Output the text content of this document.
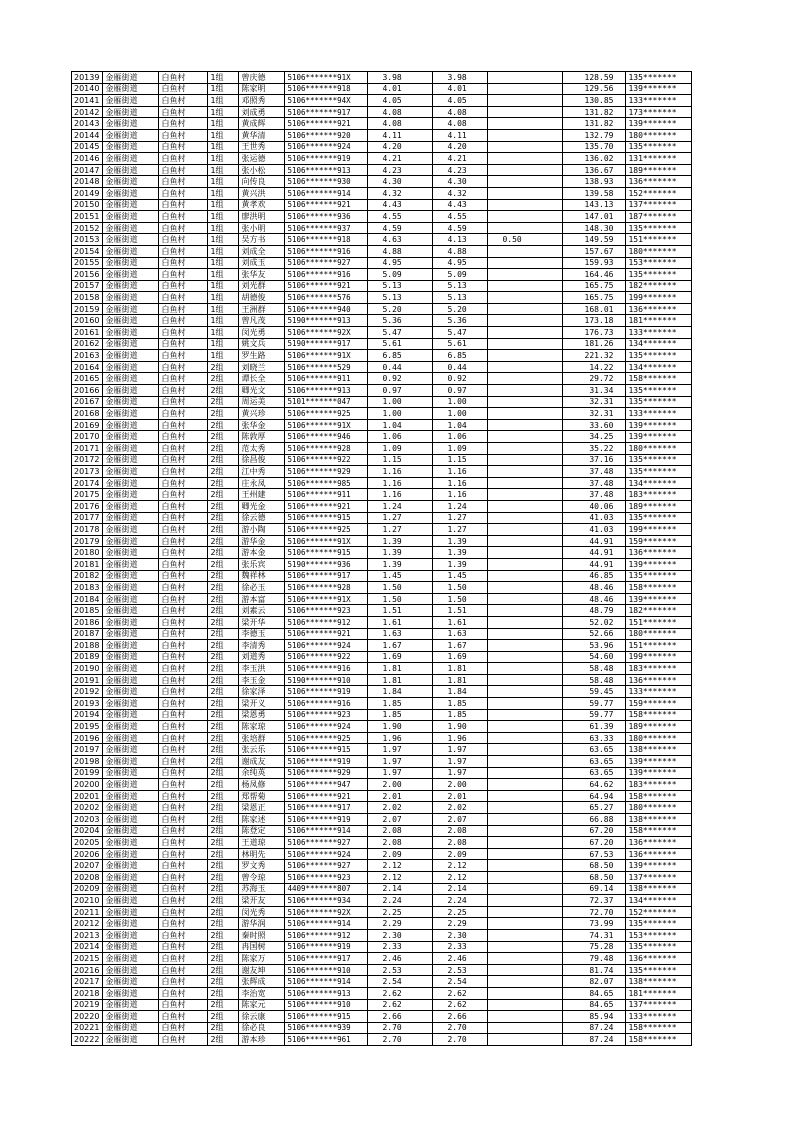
20139	金雁街道	白鱼村	1组	曾庆德	5106*******91X	3.98	3.98		128.59	135*******
20140	金雁街道	白鱼村	1组	陈家明	5106*******918	4.01	4.01		129.56	139*******
20141	金雁街道	白鱼村	1组	邓照秀	5106*******94X	4.05	4.05		130.85	133*******
20142	金雁街道	白鱼村	1组	刘成勇	5106*******917	4.08	4.08		131.82	173*******
20143	金雁街道	白鱼村	1组	黄成辉	5106*******921	4.08	4.08		131.82	139*******
20144	金雁街道	白鱼村	1组	黄华清	5106*******920	4.11	4.11		132.79	180*******
20145	金雁街道	白鱼村	1组	王世秀	5106*******924	4.20	4.20		135.70	135*******
20146	金雁街道	白鱼村	1组	张运德	5106*******919	4.21	4.21		136.02	131*******
20147	金雁街道	白鱼村	1组	张小松	5106*******913	4.23	4.23		136.67	189*******
20148	金雁街道	白鱼村	1组	向传良	5106*******930	4.30	4.30		138.93	136*******
20149	金雁街道	白鱼村	1组	黄兴洪	5106*******914	4.32	4.32		139.58	152*******
20150	金雁街道	白鱼村	1组	黄孝欢	5106*******921	4.43	4.43		143.13	137*******
20151	金雁街道	白鱼村	1组	廖洪明	5106*******936	4.55	4.55		147.01	187*******
20152	金雁街道	白鱼村	1组	张小明	5106*******937	4.59	4.59		148.30	135*******
20153	金雁街道	白鱼村	1组	吴方书	5106*******918	4.63	4.13	0.50	149.59	151*******
20154	金雁街道	白鱼村	1组	刘成全	5106*******916	4.88	4.88		157.67	180*******
20155	金雁街道	白鱼村	1组	刘成玉	5106*******927	4.95	4.95		159.93	153*******
20156	金雁街道	白鱼村	1组	张华友	5106*******916	5.09	5.09		164.46	135*******
20157	金雁街道	白鱼村	1组	刘光群	5106*******921	5.13	5.13		165.75	182*******
20158	金雁街道	白鱼村	1组	胡德俊	5106*******576	5.13	5.13		165.75	199*******
20159	金雁街道	白鱼村	1组	王洲群	5106*******940	5.20	5.20		168.01	136*******
20160	金雁街道	白鱼村	1组	曾凡茂	5190*******913	5.36	5.36		173.18	181*******
20161	金雁街道	白鱼村	1组	闵光勇	5106*******92X	5.47	5.47		176.73	133*******
20162	金雁街道	白鱼村	1组	姚文兵	5190*******917	5.61	5.61		181.26	134*******
20163	金雁街道	白鱼村	1组	罗生路	5106*******91X	6.85	6.85		221.32	135*******
20164	金雁街道	白鱼村	2组	刘晓兰	5106*******529	0.44	0.44		14.22	134*******
20165	金雁街道	白鱼村	2组	谭长全	5106*******911	0.92	0.92		29.72	158*******
20166	金雁街道	白鱼村	2组	卿光文	5106*******913	0.97	0.97		31.34	135*******
20167	金雁街道	白鱼村	2组	周运美	5101*******047	1.00	1.00		32.31	135*******
20168	金雁街道	白鱼村	2组	黄兴珍	5106*******925	1.00	1.00		32.31	133*******
20169	金雁街道	白鱼村	2组	张华金	5106*******91X	1.04	1.04		33.60	139*******
20170	金雁街道	白鱼村	2组	陈敦厚	5106*******946	1.06	1.06		34.25	139*******
20171	金雁街道	白鱼村	2组	范太秀	5106*******928	1.09	1.09		35.22	180*******
20172	金雁街道	白鱼村	2组	徐昌俊	5106*******922	1.15	1.15		37.16	135*******
20173	金雁街道	白鱼村	2组	江中秀	5106*******929	1.16	1.16		37.48	135*******
20174	金雁街道	白鱼村	2组	庄永凤	5106*******985	1.16	1.16		37.48	134*******
20175	金雁街道	白鱼村	2组	王州建	5106*******911	1.16	1.16		37.48	183*******
20176	金雁街道	白鱼村	2组	卿光金	5106*******921	1.24	1.24		40.06	189*******
20177	金雁街道	白鱼村	2组	徐云德	5106*******915	1.27	1.27		41.03	135*******
20178	金雁街道	白鱼村	2组	游小陶	5106*******925	1.27	1.27		41.03	199*******
20179	金雁街道	白鱼村	2组	游华金	5106*******91X	1.39	1.39		44.91	159*******
20180	金雁街道	白鱼村	2组	游本金	5106*******915	1.39	1.39		44.91	136*******
20181	金雁街道	白鱼村	2组	张乐宾	5190*******936	1.39	1.39		44.91	139*******
20182	金雁街道	白鱼村	2组	魏祥林	5106*******917	1.45	1.45		46.85	135*******
20183	金雁街道	白鱼村	2组	徐必玉	5106*******928	1.50	1.50		48.46	158*******
20184	金雁街道	白鱼村	2组	游本富	5106*******91X	1.50	1.50		48.46	139*******
20185	金雁街道	白鱼村	2组	刘素云	5106*******923	1.51	1.51		48.79	182*******
20186	金雁街道	白鱼村	2组	梁开华	5106*******912	1.61	1.61		52.02	151*******
20187	金雁街道	白鱼村	2组	李德玉	5106*******921	1.63	1.63		52.66	180*******
20188	金雁街道	白鱼村	2组	李清秀	5106*******924	1.67	1.67		53.96	151*******
20189	金雁街道	白鱼村	2组	刘道秀	5106*******922	1.69	1.69		54.60	199*******
20190	金雁街道	白鱼村	2组	李玉洪	5106*******916	1.81	1.81		58.48	183*******
20191	金雁街道	白鱼村	2组	李玉金	5190*******910	1.81	1.81		58.48	136*******
20192	金雁街道	白鱼村	2组	徐家泽	5106*******919	1.84	1.84		59.45	133*******
20193	金雁街道	白鱼村	2组	梁开义	5106*******916	1.85	1.85		59.77	159*******
20194	金雁街道	白鱼村	2组	梁恩勇	5106*******923	1.85	1.85		59.77	158*******
20195	金雁街道	白鱼村	2组	陈家琼	5106*******924	1.90	1.90		61.39	189*******
20196	金雁街道	白鱼村	2组	张培群	5106*******925	1.96	1.96		63.33	180*******
20197	金雁街道	白鱼村	2组	张云乐	5106*******915	1.97	1.97		63.65	138*******
20198	金雁街道	白鱼村	2组	谢成友	5106*******919	1.97	1.97		63.65	139*******
20199	金雁街道	白鱼村	2组	余纯英	5106*******929	1.97	1.97		63.65	139*******
20200	金雁街道	白鱼村	2组	杨凤修	5106*******947	2.00	2.00		64.62	183*******
20201	金雁街道	白鱼村	2组	郑帮菊	5106*******921	2.01	2.01		64.94	158*******
20202	金雁街道	白鱼村	2组	梁恩正	5106*******917	2.02	2.02		65.27	180*******
20203	金雁街道	白鱼村	2组	陈家述	5106*******919	2.07	2.07		66.88	138*******
20204	金雁街道	白鱼村	2组	陈登定	5106*******914	2.08	2.08		67.20	158*******
20205	金雁街道	白鱼村	2组	王道琼	5106*******927	2.08	2.08		67.20	136*******
20206	金雁街道	白鱼村	2组	林明先	5106*******924	2.09	2.09		67.53	136*******
20207	金雁街道	白鱼村	2组	罗文秀	5106*******927	2.12	2.12		68.50	139*******
20208	金雁街道	白鱼村	2组	曾令琼	5106*******923	2.12	2.12		68.50	137*******
20209	金雁街道	白鱼村	2组	苏海玉	4409*******807	2.14	2.14		69.14	138*******
20210	金雁街道	白鱼村	2组	梁开友	5106*******934	2.24	2.24		72.37	134*******
20211	金雁街道	白鱼村	2组	闵光秀	5106*******92X	2.25	2.25		72.70	152*******
20212	金雁街道	白鱼村	2组	游华润	5106*******914	2.29	2.29		73.99	135*******
20213	金雁街道	白鱼村	2组	秦时照	5106*******912	2.30	2.30		74.31	153*******
20214	金雁街道	白鱼村	2组	冉国树	5106*******919	2.33	2.33		75.28	135*******
20215	金雁街道	白鱼村	2组	陈家万	5106*******917	2.46	2.46		79.48	136*******
20216	金雁街道	白鱼村	2组	谢友坤	5106*******910	2.53	2.53		81.74	135*******
20217	金雁街道	白鱼村	2组	张辉成	5106*******914	2.54	2.54		82.07	138*******
20218	金雁街道	白鱼村	2组	李治宽	5106*******913	2.62	2.62		84.65	181*******
20219	金雁街道	白鱼村	2组	陈家元	5106*******910	2.62	2.62		84.65	137*******
20220	金雁街道	白鱼村	2组	徐云康	5106*******915	2.66	2.66		85.94	133*******
20221	金雁街道	白鱼村	2组	徐必良	5106*******939	2.70	2.70		87.24	158*******
20222	金雁街道	白鱼村	2组	游本珍	5106*******961	2.70	2.70		87.24	158*******
